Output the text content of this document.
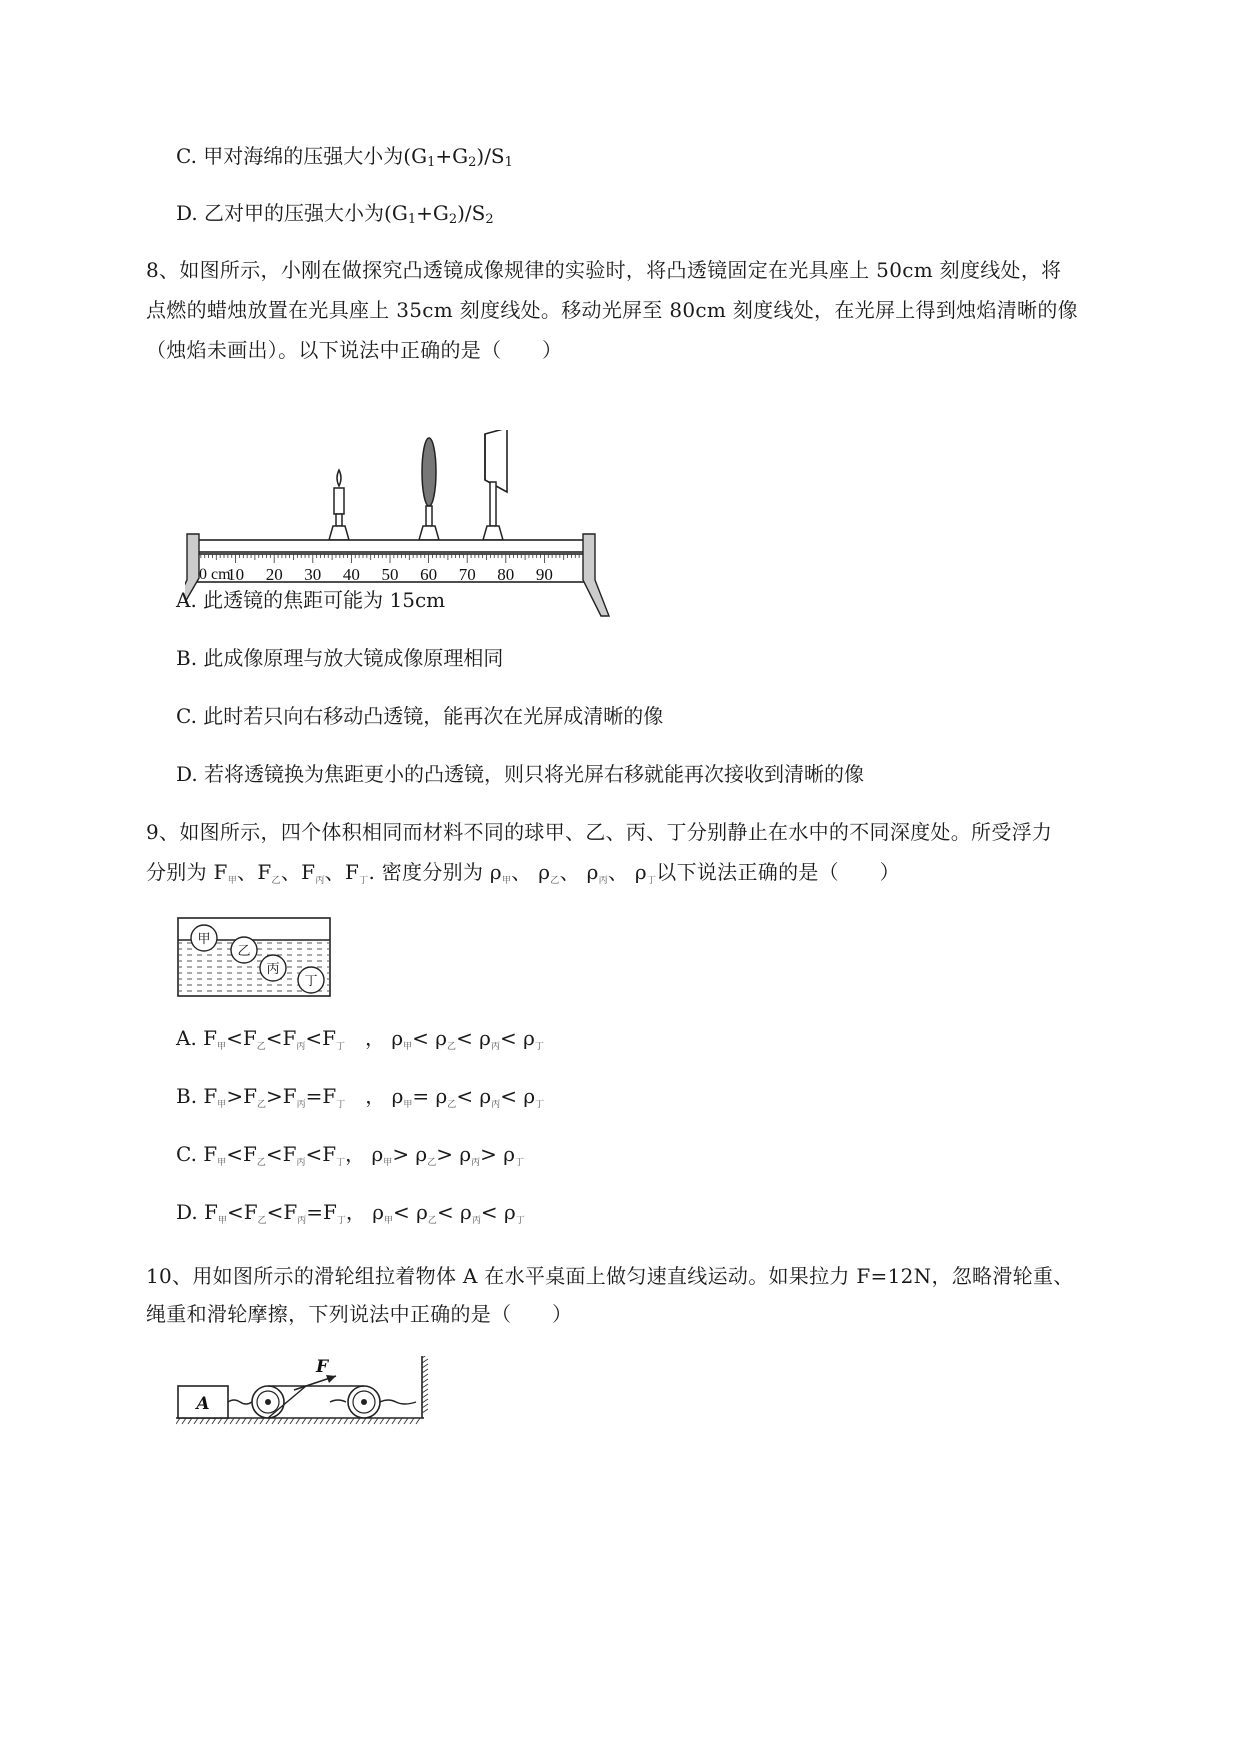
C. 甲对海绵的压强大小为(G1+G2)/S1
D. 乙对甲的压强大小为(G1+G2)/S2
8、如图所示，小刚在做探究凸透镜成像规律的实验时，将凸透镜固定在光具座上 50cm 刻度线处，将
点燃的蜡烛放置在光具座上 35cm 刻度线处。移动光屏至 80cm 刻度线处，在光屏上得到烛焰清晰的像
（烛焰未画出）。以下说法中正确的是（　　）
0 cm
10 20 30 40 50 60 70 80 90
A. 此透镜的焦距可能为 15cm
B. 此成像原理与放大镜成像原理相同
C. 此时若只向右移动凸透镜，能再次在光屏成清晰的像
D. 若将透镜换为焦距更小的凸透镜，则只将光屏右移就能再次接收到清晰的像
9、如图所示，四个体积相同而材料不同的球甲、乙、丙、丁分别静止在水中的不同深度处。所受浮力
分别为 $F_甲$、$F_乙$、$F_丙$、$F_丁$. 密度分别为 $\rho_甲$、 $\rho_乙$、 $\rho_丙$、 $\rho_丁$以下说法正确的是（　　）
甲
乙
丙
丁
A. $F_甲<F_乙<F_丙<F_丁$　， $\rho_甲< \rho_乙< \rho_丙< \rho_丁$
B. $F_甲>F_乙>F_丙=F_丁$　， $\rho_甲= \rho_乙< \rho_丙< \rho_丁$
C. $F_甲<F_乙<F_丙<F_丁$， $\rho_甲> \rho_乙> \rho_丙> \rho_丁$
D. $F_甲<F_乙<F_丙=F_丁$， $\rho_甲< \rho_乙< \rho_丙< \rho_丁$
10、用如图所示的滑轮组拉着物体 A 在水平桌面上做匀速直线运动。如果拉力 F=12N，忽略滑轮重、
绳重和滑轮摩擦，下列说法中正确的是（　　）
A
F
